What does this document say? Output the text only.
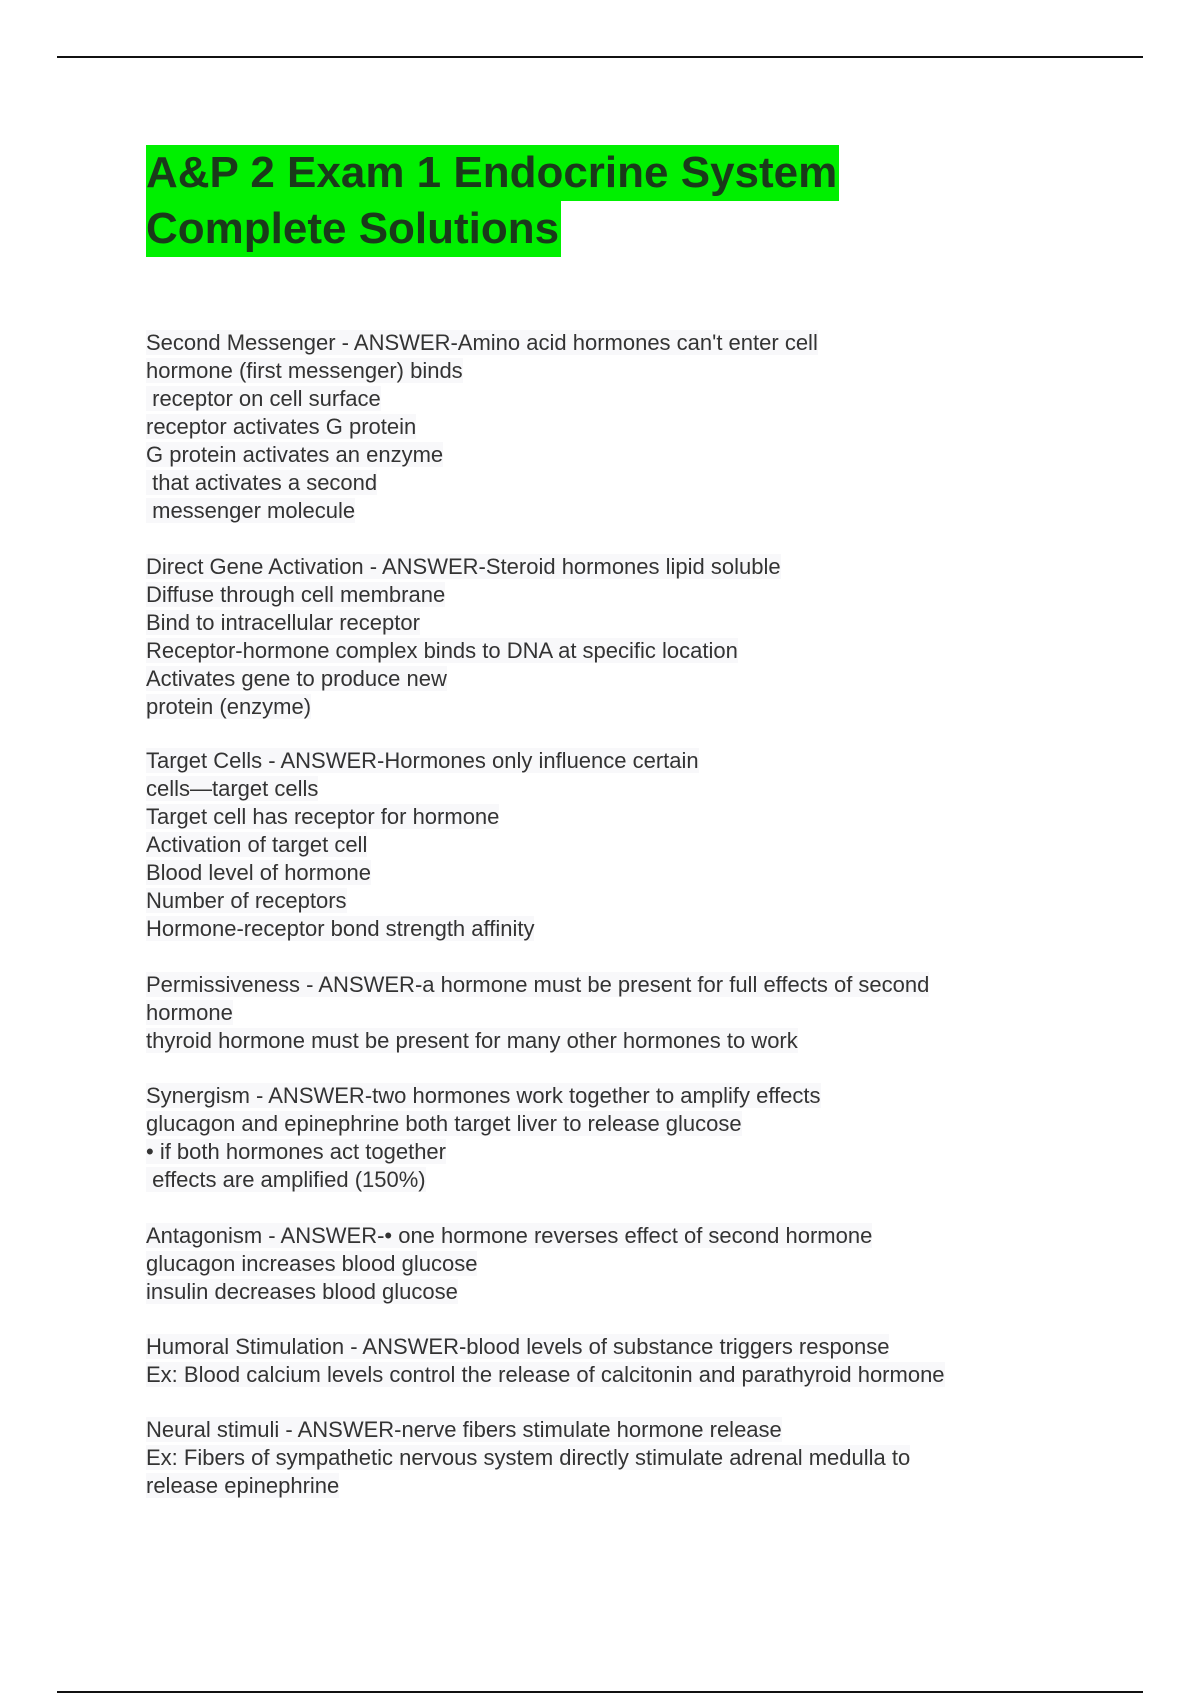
A&P 2 Exam 1 Endocrine System
Complete Solutions
Second Messenger - ANSWER-Amino acid hormones can't enter cell
hormone (first messenger) binds
receptor on cell surface
receptor activates G protein
G protein activates an enzyme
that activates a second
messenger molecule
Direct Gene Activation - ANSWER-Steroid hormones lipid soluble
Diffuse through cell membrane
Bind to intracellular receptor
Receptor-hormone complex binds to DNA at specific location
Activates gene to produce new
protein (enzyme)
Target Cells - ANSWER-Hormones only influence certain
cells—target cells
Target cell has receptor for hormone
Activation of target cell
Blood level of hormone
Number of receptors
Hormone-receptor bond strength affinity
Permissiveness - ANSWER-a hormone must be present for full effects of second
hormone
thyroid hormone must be present for many other hormones to work
Synergism - ANSWER-two hormones work together to amplify effects
glucagon and epinephrine both target liver to release glucose
• if both hormones act together
effects are amplified (150%)
Antagonism - ANSWER-• one hormone reverses effect of second hormone
glucagon increases blood glucose
insulin decreases blood glucose
Humoral Stimulation - ANSWER-blood levels of substance triggers response
Ex: Blood calcium levels control the release of calcitonin and parathyroid hormone
Neural stimuli - ANSWER-nerve fibers stimulate hormone release
Ex: Fibers of sympathetic nervous system directly stimulate adrenal medulla to
release epinephrine
